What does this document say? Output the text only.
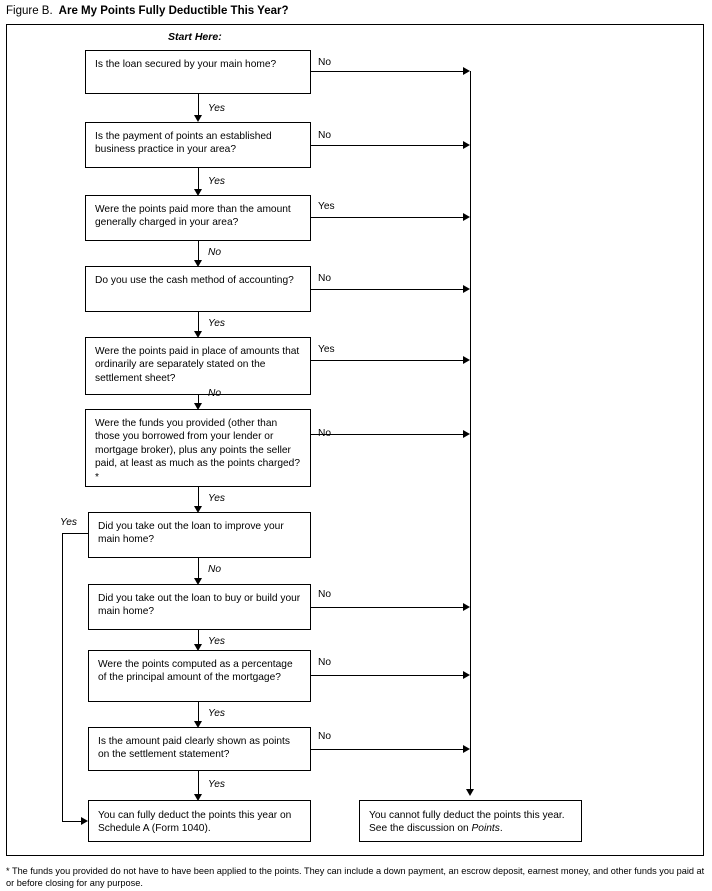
Figure B. Are My Points Fully Deductible This Year?
Start Here:
Is the loan secured by your main home?
Is the payment of points an established business practice in your area?
Were the points paid more than the amount generally charged in your area?
Do you use the cash method of accounting?
Were the points paid in place of amounts that ordinarily are separately stated on the settlement sheet?
Were the funds you provided (other than those you borrowed from your lender or mortgage broker), plus any points the seller paid, at least as much as the points charged?*
Did you take out the loan to improve your main home?
Did you take out the loan to buy or build your main home?
Were the points computed as a percentage of the principal amount of the mortgage?
Is the amount paid clearly shown as points on the settlement statement?
You can fully deduct the points this year on Schedule A (Form 1040).
You cannot fully deduct the points this year. See the discussion on Points.
Yes
Yes
No
Yes
No
Yes
No
Yes
Yes
Yes
No
No
Yes
No
Yes
No
No
No
No
Yes
* The funds you provided do not have to have been applied to the points. They can include a down payment, an escrow deposit, earnest money, and other funds you paid at or before closing for any purpose.
